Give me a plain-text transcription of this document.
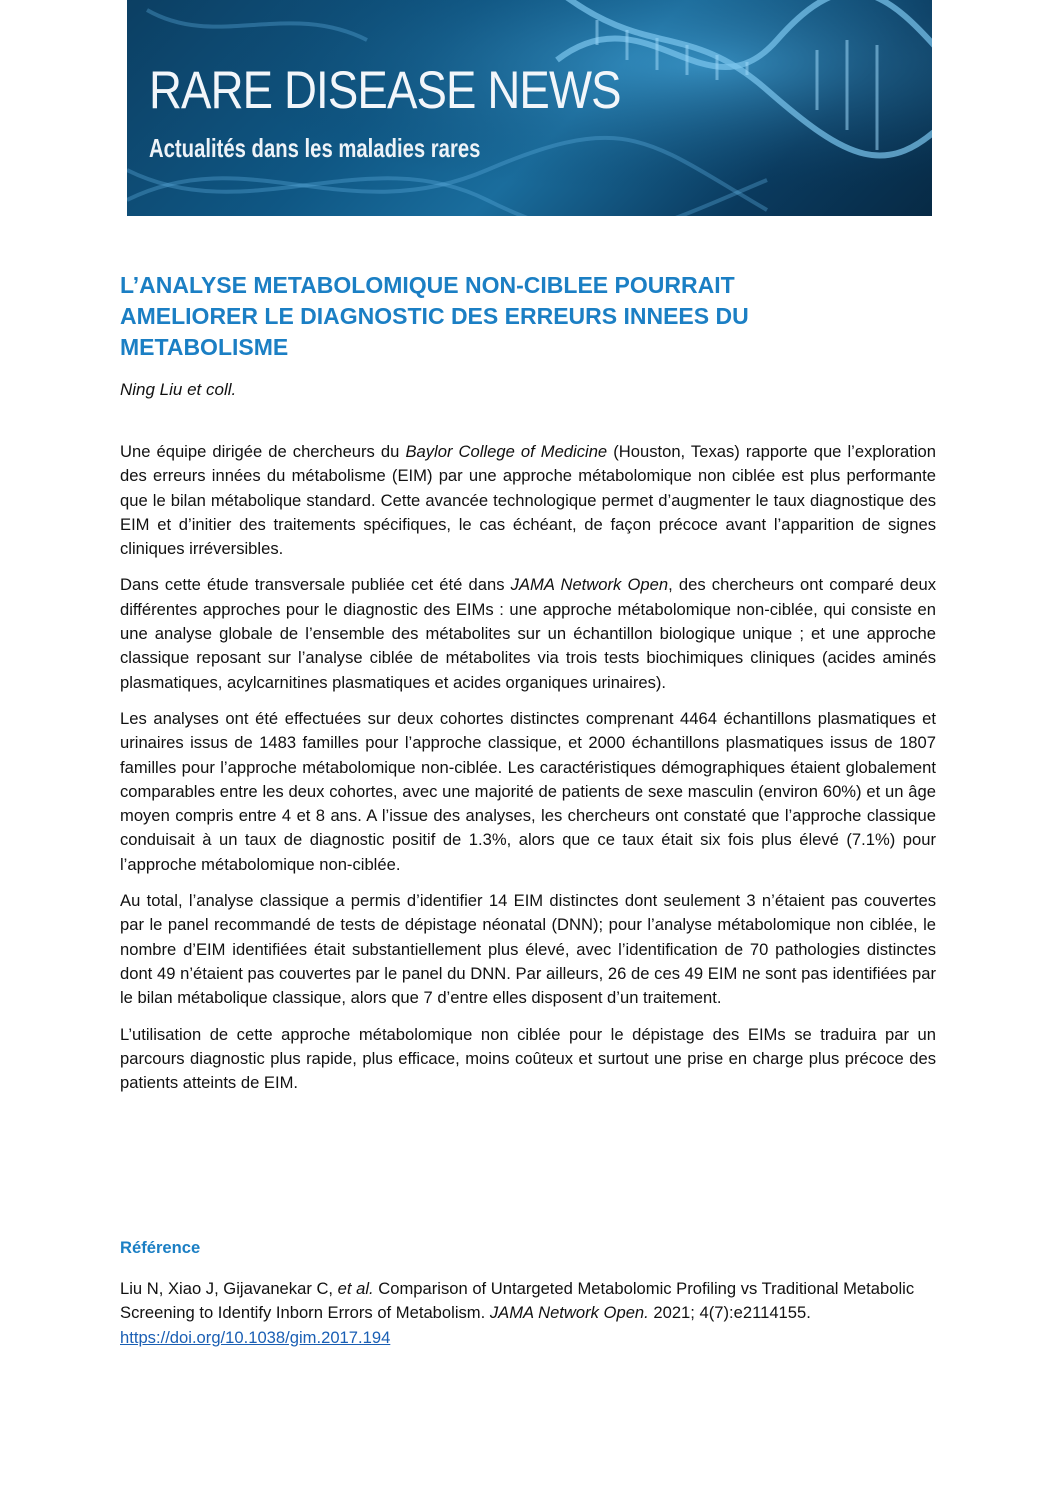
RARE DISEASE NEWS
Actualités dans les maladies rares
L’ANALYSE METABOLOMIQUE NON-CIBLEE POURRAIT AMELIORER LE DIAGNOSTIC DES ERREURS INNEES DU METABOLISME

Ning Liu et coll.

Une équipe dirigée de chercheurs du Baylor College of Medicine (Houston, Texas) rapporte que l’exploration des erreurs innées du métabolisme (EIM) par une approche métabolomique non ciblée est plus performante que le bilan métabolique standard. Cette avancée technologique permet d’augmenter le taux diagnostique des EIM et d’initier des traitements spécifiques, le cas échéant, de façon précoce avant l’apparition de signes cliniques irréversibles.

Dans cette étude transversale publiée cet été dans JAMA Network Open, des chercheurs ont comparé deux différentes approches pour le diagnostic des EIMs : une approche métabolomique non-ciblée, qui consiste en une analyse globale de l’ensemble des métabolites sur un échantillon biologique unique ; et une approche classique reposant sur l’analyse ciblée de métabolites via trois tests biochimiques cliniques (acides aminés plasmatiques, acylcarnitines plasmatiques et acides organiques urinaires).

Les analyses ont été effectuées sur deux cohortes distinctes comprenant 4464 échantillons plasmatiques et urinaires issus de 1483 familles pour l’approche classique, et 2000 échantillons plasmatiques issus de 1807 familles pour l’approche métabolomique non-ciblée. Les caractéristiques démographiques étaient globalement comparables entre les deux cohortes, avec une majorité de patients de sexe masculin (environ 60%) et un âge moyen compris entre 4 et 8 ans. A l’issue des analyses, les chercheurs ont constaté que l’approche classique conduisait à un taux de diagnostic positif de 1.3%, alors que ce taux était six fois plus élevé (7.1%) pour l’approche métabolomique non-ciblée.

Au total, l’analyse classique a permis d’identifier 14 EIM distinctes dont seulement 3 n’étaient pas couvertes par le panel recommandé de tests de dépistage néonatal (DNN); pour l’analyse métabolomique non ciblée, le nombre d’EIM identifiées était substantiellement plus élevé, avec l’identification de 70 pathologies distinctes dont 49 n’étaient pas couvertes par le panel du DNN. Par ailleurs, 26 de ces 49 EIM ne sont pas identifiées par le bilan métabolique classique, alors que 7 d’entre elles disposent d’un traitement.

L’utilisation de cette approche métabolomique non ciblée pour le dépistage des EIMs se traduira par un parcours diagnostic plus rapide, plus efficace, moins coûteux et surtout une prise en charge plus précoce des patients atteints de EIM.

Référence

Liu N, Xiao J, Gijavanekar C, et al. Comparison of Untargeted Metabolomic Profiling vs Traditional Metabolic Screening to Identify Inborn Errors of Metabolism. JAMA Network Open. 2021; 4(7):e2114155. https://doi.org/10.1038/gim.2017.194
